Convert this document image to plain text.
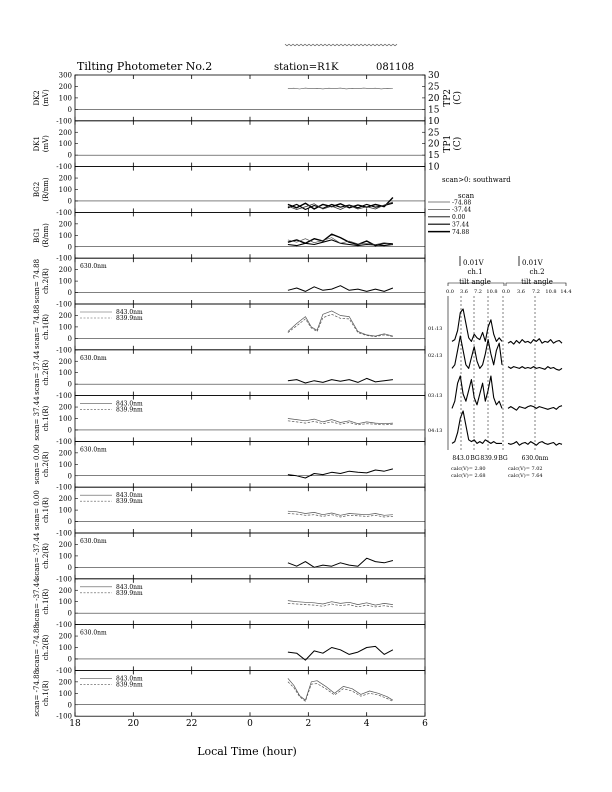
Tilting Photometer No.2	station=R1K	081108
300
200
100
0
-100
DK2 (mV)
30
25
20
15
10
TP2 (C)
200
100
0
-100
DK1 (mV)
25
20
15
10
TP1 (C)
200
100
0
-100
BG2 (R/nm)
200
100
0
-100
BG1 (R/nm)
200
100
0
-100
scan= 74.88 ch.2(R)
630.0nm
200
100
0
-100
scan= 74.88 ch.1(R)
843.0nm
839.9nm
200
100
0
-100
scan= 37.44 ch.2(R)
630.0nm
200
100
0
-100
scan= 37.44 ch.1(R)
843.0nm
839.9nm
200
100
0
-100
scan= 0.00 ch.2(R)
630.0nm
200
100
0
-100
scan= 0.00 ch.1(R)
843.0nm
839.9nm
200
100
0
-100
scan= -37.44 ch.2(R)
630.0nm
200
100
0
-100
scan= -37.44 ch.1(R)
843.0nm
839.9nm
200
100
0
-100
scan= -74.88 ch.2(R)
630.0nm
200
100
0
-100
scan= -74.88 ch.1(R)
843.0nm
839.9nm
18	20	22	0	2	4	6
Local Time (hour)
scan
-74.88
-37.44
0.00
37.44
74.88
scan>0: southward
0.01V	0.01V
ch.1	ch.2
tilt angle	tilt angle
0.0 3.6 7.2 10.8 0.0 3.6 7.2 10.8 14.4
01:13
02:13
03:13
04:13
843.0 BG 839.9 BG 630.0nm
calc(V)= 2.80
calc(V)= 2.68
calc(V)= 7.02
calc(V)= 7.64
